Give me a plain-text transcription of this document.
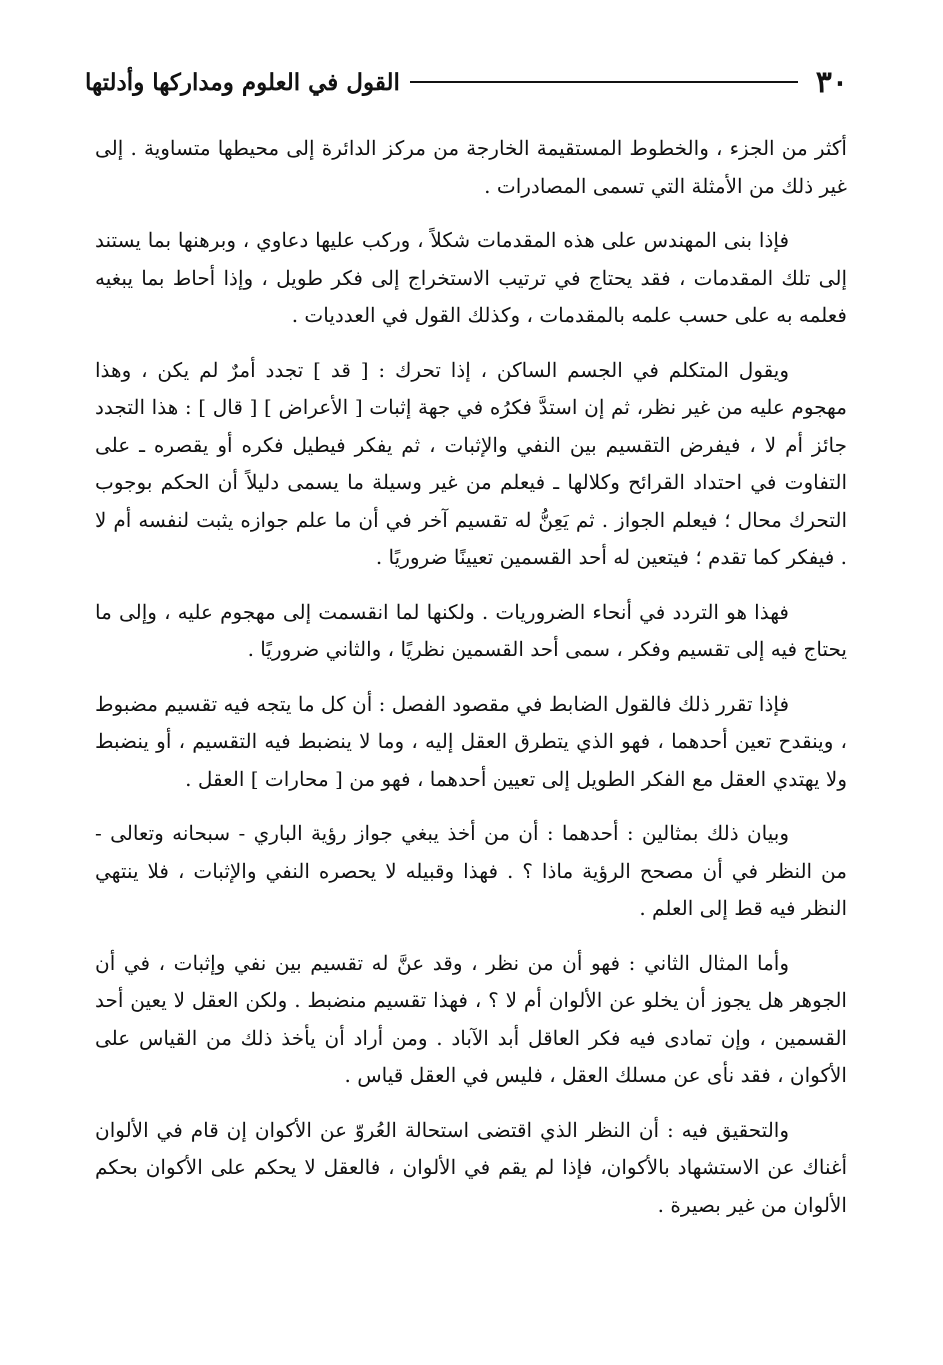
٣٠
القول في العلوم ومداركها وأدلتها

أكثر من الجزء ، والخطوط المستقيمة الخارجة من مركز الدائرة إلى محيطها متساوية . إلى غير ذلك من الأمثلة التي تسمى المصادرات .

فإذا بنى المهندس على هذه المقدمات شكلاً ، وركب عليها دعاوي ، وبرهنها بما يستند إلى تلك المقدمات ، فقد يحتاج في ترتيب الاستخراج إلى فكر طويل ، وإذا أحاط بما يبغيه فعلمه به على حسب علمه بالمقدمات ، وكذلك القول في العدديات .

ويقول المتكلم في الجسم الساكن ، إذا تحرك : [ قد ] تجدد أمرٌ لم يكن ، وهذا مهجوم عليه من غير نظر، ثم إن استدَّ فكرُه في جهة إثبات [ الأعراض ] [ قال ] : هذا التجدد جائز أم لا ، فيفرض التقسيم بين النفي والإثبات ، ثم يفكر فيطيل فكره أو يقصره ـ على التفاوت في احتداد القرائح وكلالها ـ فيعلم من غير وسيلة ما يسمى دليلاً أن الحكم بوجوب التحرك محال ؛ فيعلم الجواز . ثم يَعِنُّ له تقسيم آخر في أن ما علم جوازه يثبت لنفسه أم لا . فيفكر كما تقدم ؛ فيتعين له أحد القسمين تعيينًا ضروريًا .

فهذا هو التردد في أنحاء الضروريات . ولكنها لما انقسمت إلى مهجوم عليه ، وإلى ما يحتاج فيه إلى تقسيم وفكر ، سمى أحد القسمين نظريًا ، والثاني ضروريًا .

فإذا تقرر ذلك فالقول الضابط في مقصود الفصل : أن كل ما يتجه فيه تقسيم مضبوط ، وينقدح تعين أحدهما ، فهو الذي يتطرق العقل إليه ، وما لا ينضبط فيه التقسيم ، أو ينضبط ولا يهتدي العقل مع الفكر الطويل إلى تعيين أحدهما ، فهو من [ محارات ] العقل .

وبيان ذلك بمثالين : أحدهما : أن من أخذ يبغي جواز رؤية الباري - سبحانه وتعالى - من النظر في أن مصحح الرؤية ماذا ؟ . فهذا وقبيله لا يحصره النفي والإثبات ، فلا ينتهي النظر فيه قط إلى العلم .

وأما المثال الثاني : فهو أن من نظر ، وقد عنَّ له تقسيم بين نفي وإثبات ، في أن الجوهر هل يجوز أن يخلو عن الألوان أم لا ؟ ، فهذا تقسيم منضبط . ولكن العقل لا يعين أحد القسمين ، وإن تمادى فيه فكر العاقل أبد الآباد . ومن أراد أن يأخذ ذلك من القياس على الأكوان ، فقد نأى عن مسلك العقل ، فليس في العقل قياس .

والتحقيق فيه : أن النظر الذي اقتضى استحالة العُروّ عن الأكوان إن قام في الألوان أغناك عن الاستشهاد بالأكوان، فإذا لم يقم في الألوان ، فالعقل لا يحكم على الأكوان بحكم الألوان من غير بصيرة .
